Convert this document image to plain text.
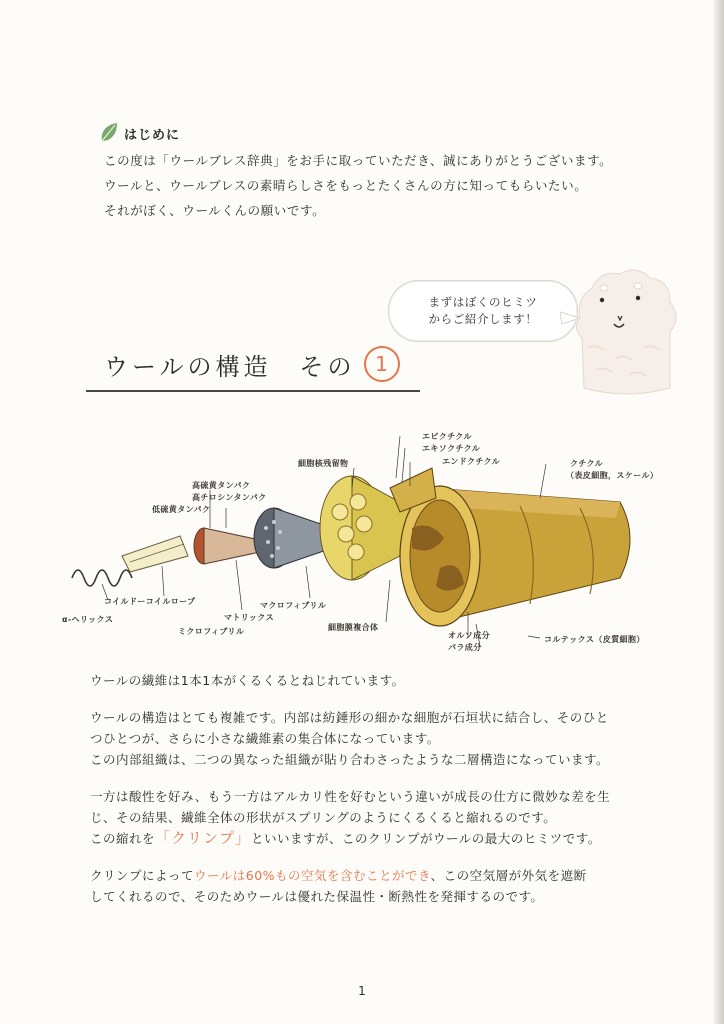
はじめに
この度は「ウールブレス辞典」をお手に取っていただき、誠にありがとうございます。
ウールと、ウールブレスの素晴らしさをもっとたくさんの方に知ってもらいたい。
それがぼく、ウールくんの願いです。
まずはぼくのヒミツ
からご紹介します！
ウールの構造　その 1
エピクチクル
エキソクチクル
エンドクチクル	クチクル
（表皮細胞，スケール）
細胞核残留物
高硫黄タンパク
高チロシンタンパク
低硫黄タンパク
コイルドーコイルロープ
α-ヘリックス	マトリックス
ミクロフィブリル
マクロフィブリル
細胞膜複合体
オルソ成分
パラ成分
コルテックス（皮質細胞）

ウールの繊維は1本1本がくるくるとねじれています。

ウールの構造はとても複雑です。内部は紡錘形の細かな細胞が石垣状に結合し、そのひと

つひとつが、さらに小さな繊維素の集合体になっています。

この内部組織は、二つの異なった組織が貼り合わさったような二層構造になっています。

一方は酸性を好み、もう一方はアルカリ性を好むという違いが成長の仕方に微妙な差を生

じ、その結果、繊維全体の形状がスプリングのようにくるくると縮れるのです。

この縮れを「クリンプ」といいますが、このクリンプがウールの最大のヒミツです。

クリンプによってウールは60%もの空気を含むことができ、この空気層が外気を遮断

してくれるので、そのためウールは優れた保温性・断熱性を発揮するのです。

1
